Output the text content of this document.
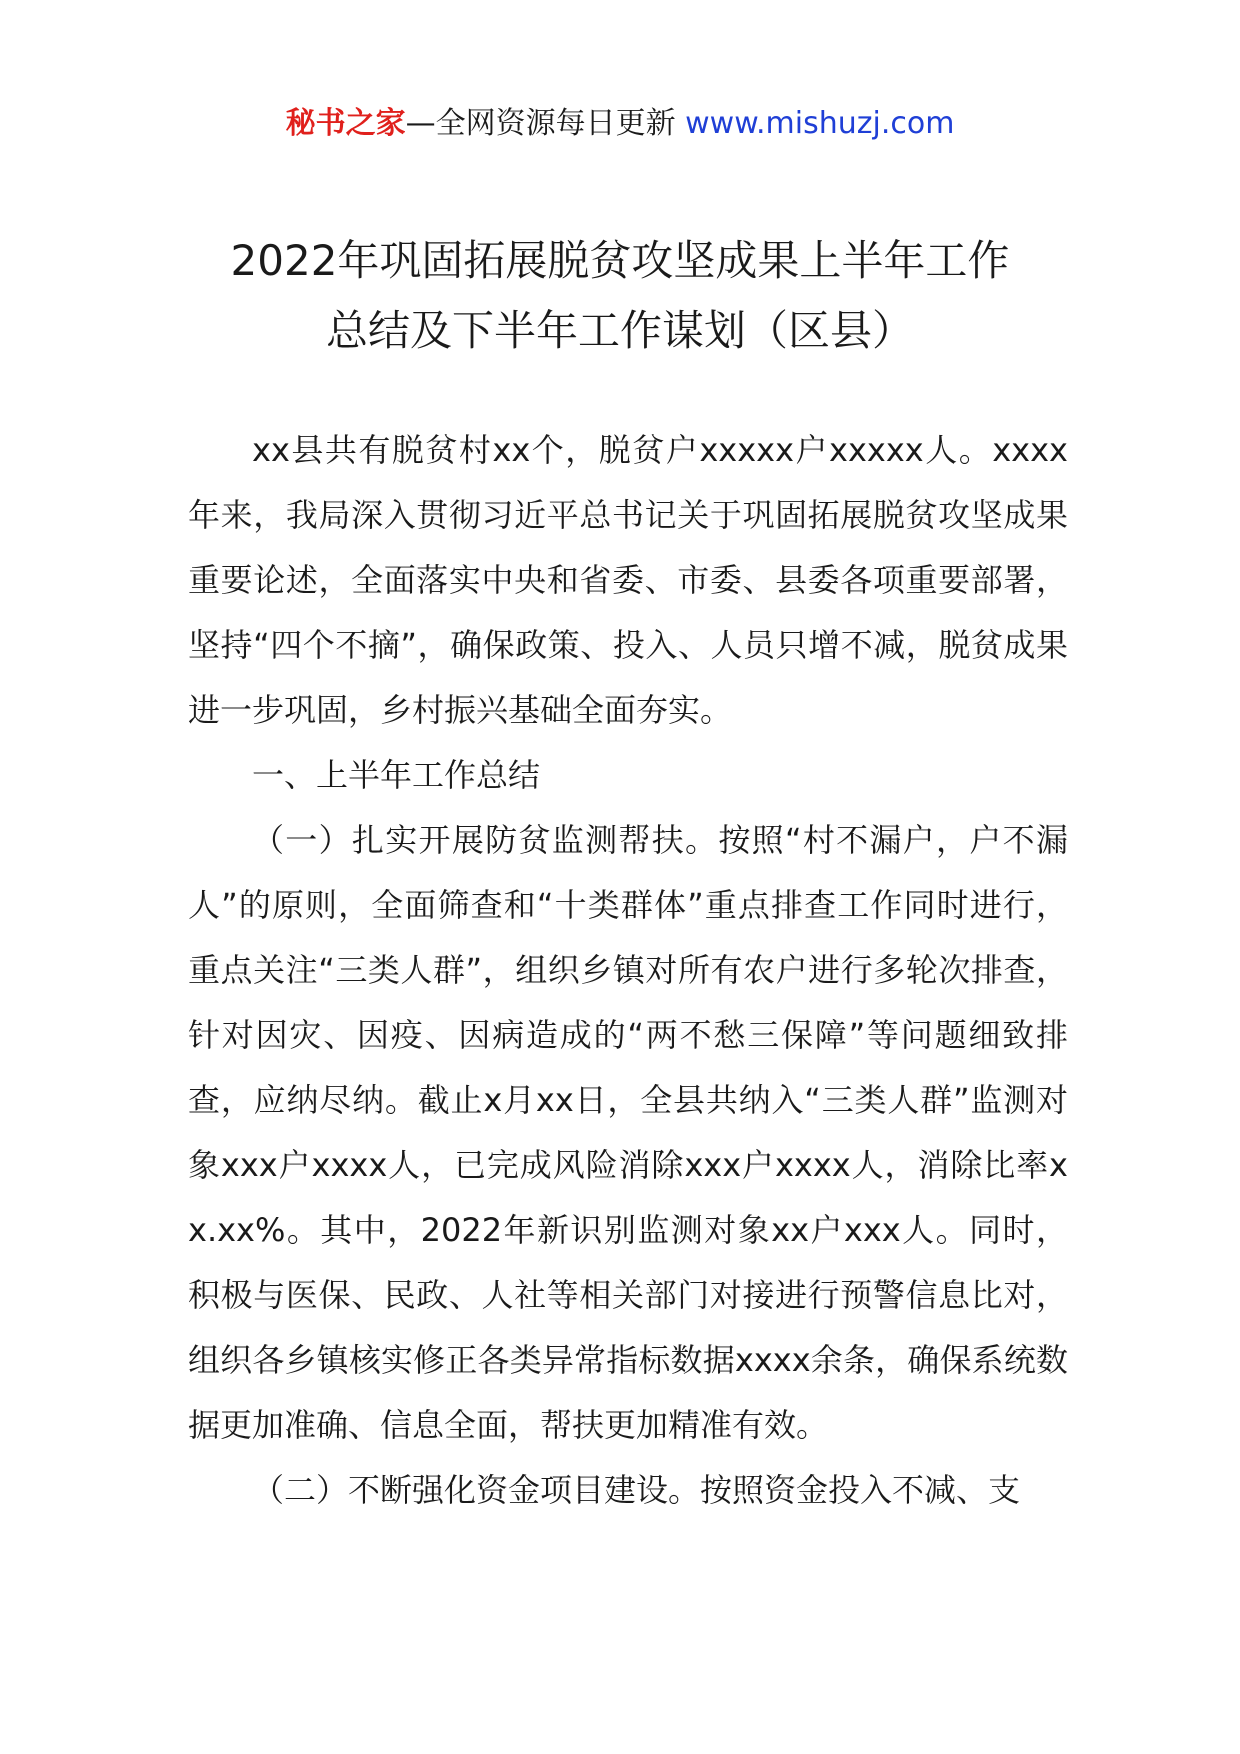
秘书之家—全网资源每日更新 www.mishuzj.com
2022年巩固拓展脱贫攻坚成果上半年工作
总结及下半年工作谋划（区县）

xx县共有脱贫村xx个，脱贫户xxxxx户xxxxx人。xxxx年来，我局深入贯彻习近平总书记关于巩固拓展脱贫攻坚成果重要论述，全面落实中央和省委、市委、县委各项重要部署，坚持“四个不摘”，确保政策、投入、人员只增不减，脱贫成果进一步巩固，乡村振兴基础全面夯实。

一、上半年工作总结

（一）扎实开展防贫监测帮扶。按照“村不漏户，户不漏人”的原则，全面筛查和“十类群体”重点排查工作同时进行，重点关注“三类人群”，组织乡镇对所有农户进行多轮次排查，针对因灾、因疫、因病造成的“两不愁三保障”等问题细致排查，应纳尽纳。截止x月xx日，全县共纳入“三类人群”监测对象xxx户xxxx人，已完成风险消除xxx户xxxx人，消除比率xx.xx%。其中，2022年新识别监测对象xx户xxx人。同时，积极与医保、民政、人社等相关部门对接进行预警信息比对，组织各乡镇核实修正各类异常指标数据xxxx余条，确保系统数据更加准确、信息全面，帮扶更加精准有效。

（二）不断强化资金项目建设。按照资金投入不减、支
